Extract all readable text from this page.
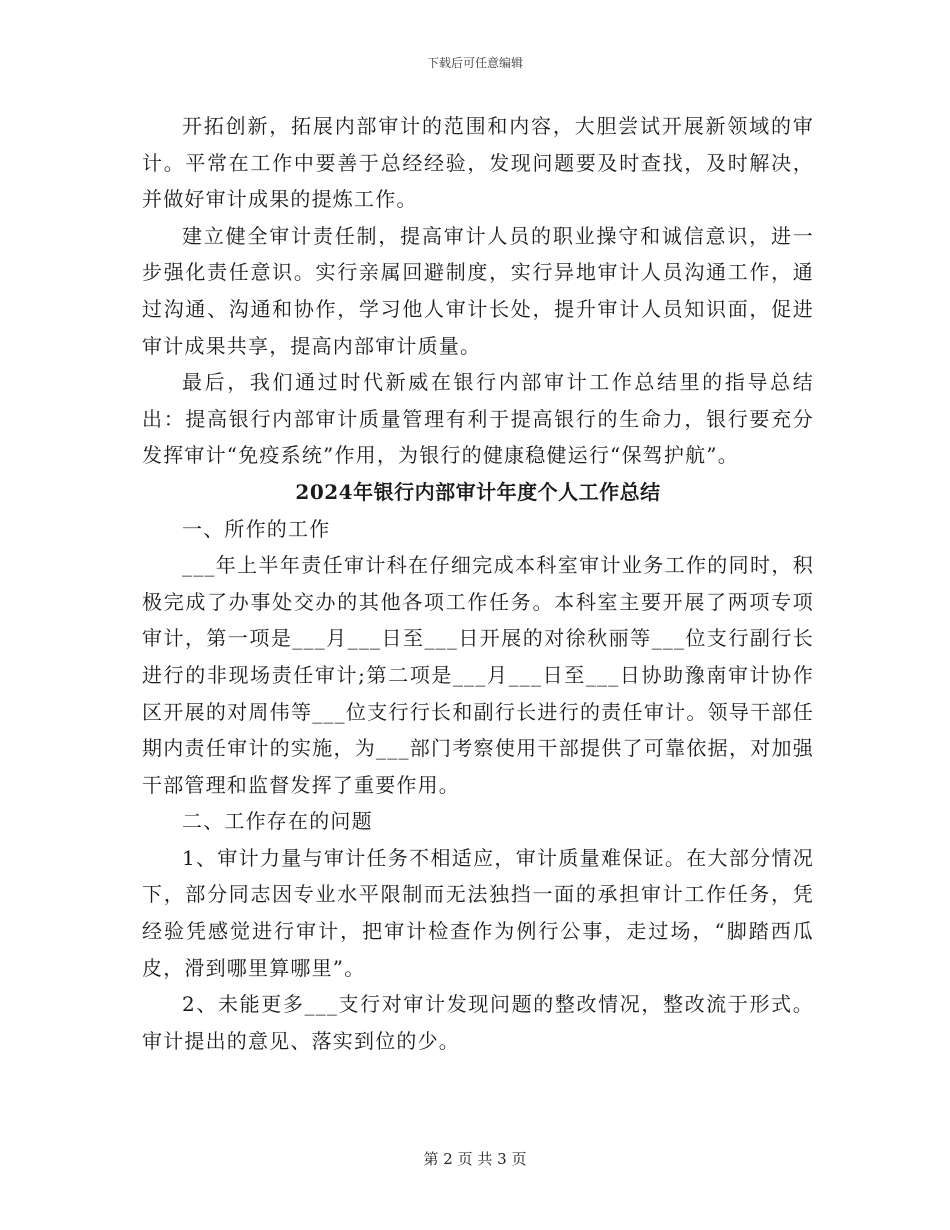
下载后可任意编辑

开拓创新，拓展内部审计的范围和内容，大胆尝试开展新领域的审计。平常在工作中要善于总经经验，发现问题要及时查找，及时解决，并做好审计成果的提炼工作。

建立健全审计责任制，提高审计人员的职业操守和诚信意识，进一步强化责任意识。实行亲属回避制度，实行异地审计人员沟通工作，通过沟通、沟通和协作，学习他人审计长处，提升审计人员知识面，促进审计成果共享，提高内部审计质量。

最后，我们通过时代新威在银行内部审计工作总结里的指导总结出：提高银行内部审计质量管理有利于提高银行的生命力，银行要充分发挥审计“免疫系统”作用，为银行的健康稳健运行“保驾护航”。

2024年银行内部审计年度个人工作总结

一、所作的工作

___年上半年责任审计科在仔细完成本科室审计业务工作的同时，积极完成了办事处交办的其他各项工作任务。本科室主要开展了两项专项审计，第一项是___月___日至___日开展的对徐秋丽等___位支行副行长进行的非现场责任审计;第二项是___月___日至___日协助豫南审计协作区开展的对周伟等___位支行行长和副行长进行的责任审计。领导干部任期内责任审计的实施，为___部门考察使用干部提供了可靠依据，对加强干部管理和监督发挥了重要作用。

二、工作存在的问题

1、审计力量与审计任务不相适应，审计质量难保证。在大部分情况下，部分同志因专业水平限制而无法独挡一面的承担审计工作任务，凭经验凭感觉进行审计，把审计检查作为例行公事，走过场，“脚踏西瓜皮，滑到哪里算哪里”。

2、未能更多___支行对审计发现问题的整改情况，整改流于形式。审计提出的意见、落实到位的少。

第 2 页 共 3 页
